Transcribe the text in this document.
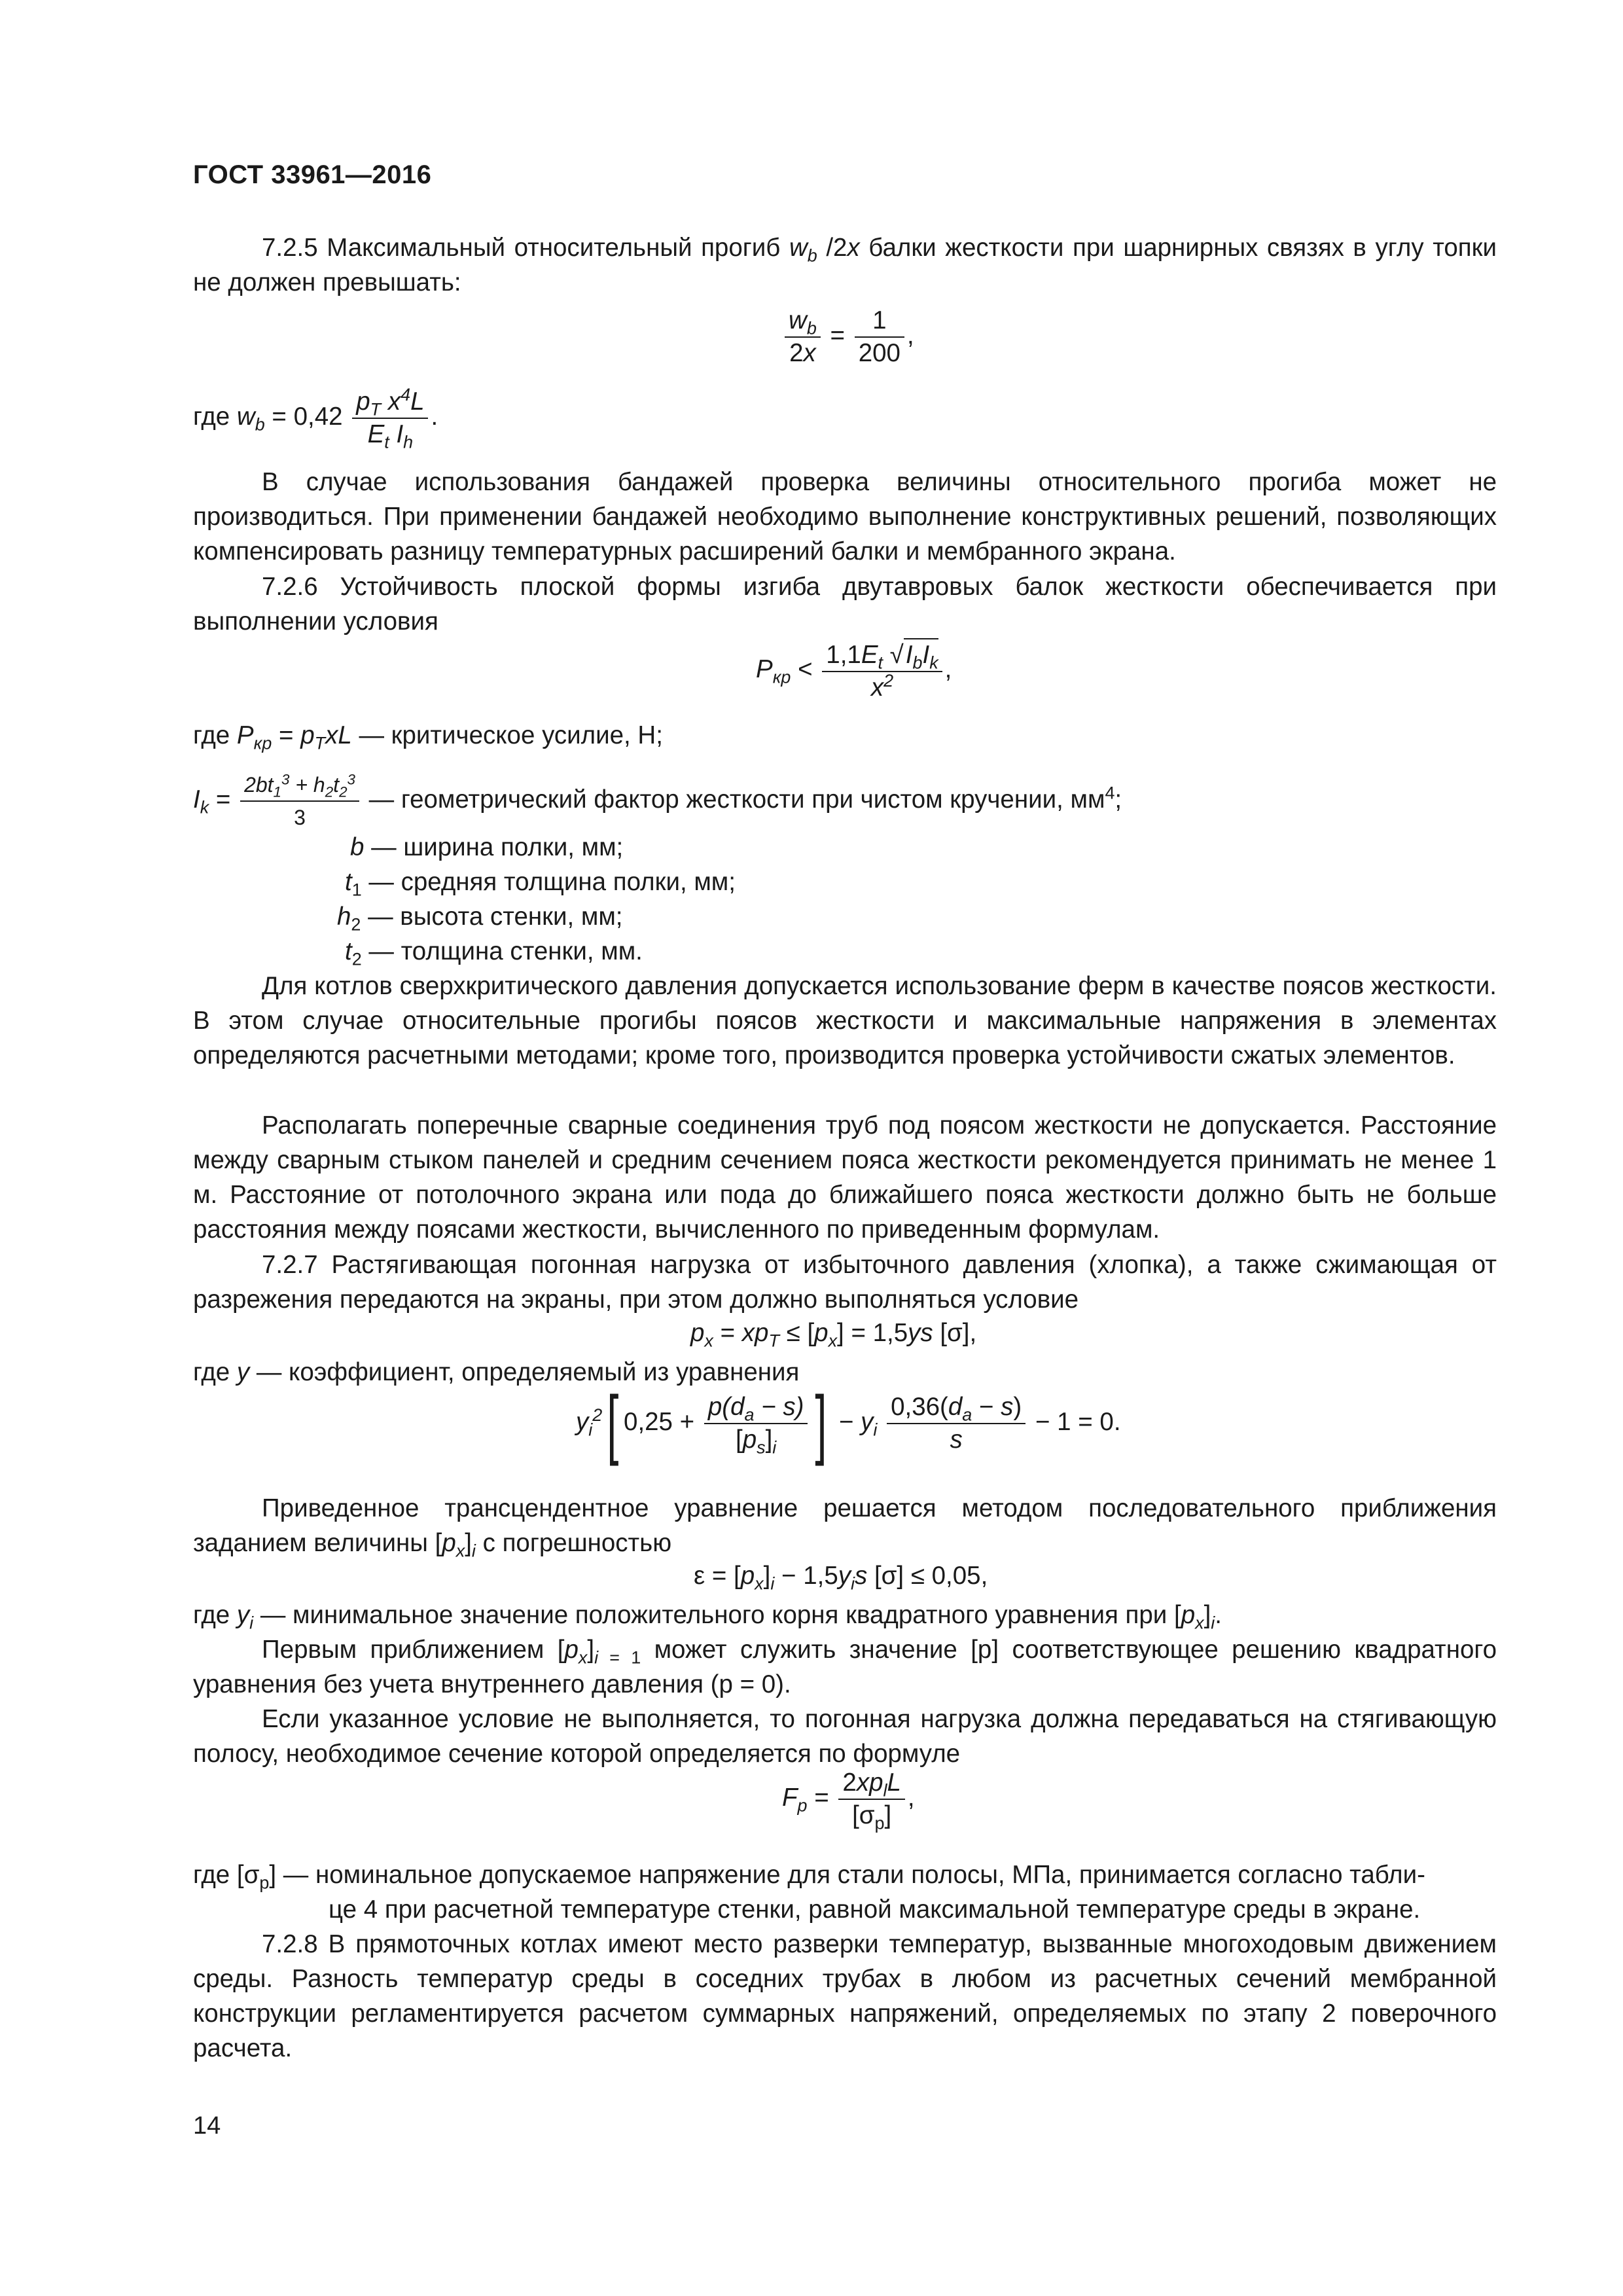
ГОСТ 33961—2016
7.2.5 Максимальный относительный прогиб $w_b$ /2x балки жесткости при шарнирных связях в углу топки не должен превышать:
$\frac{w_b}{2x} = \frac{1}{200}$ ,
где $w_b = 0,42 \frac{p_T x^4L}{E_t I_h}$ .
В случае использования бандажей проверка величины относительного прогиба может не производиться. При применении бандажей необходимо выполнение конструктивных решений, позволяющих компенсировать разницу температурных расширений балки и мембранного экрана.
7.2.6 Устойчивость плоской формы изгиба двутавровых балок жесткости обеспечивается при выполнении условия
$P_{кр} < \frac{1,1E_t √I_bI_k}{x^2}$ ,
где $P_{кр} = p_TxL$ — критическое усилие, Н;
$I_k = \frac{2bt_1^3 + h_2t_2^3}{3}$ — геометрический фактор жесткости при чистом кручении, $мм^4$;
b — ширина полки, мм;
$t_1$ — средняя толщина полки, мм;
$h_2$ — высота стенки, мм;
$t_2$ — толщина стенки, мм.
Для котлов сверхкритического давления допускается использование ферм в качестве поясов жесткости. В этом случае относительные прогибы поясов жесткости и максимальные напряжения в элементах определяются расчетными методами; кроме того, производится проверка устойчивости сжатых элементов.
Располагать поперечные сварные соединения труб под поясом жесткости не допускается. Расстояние между сварным стыком панелей и средним сечением пояса жесткости рекомендуется принимать не менее 1 м. Расстояние от потолочного экрана или пода до ближайшего пояса жесткости должно быть не больше расстояния между поясами жесткости, вычисленного по приведенным формулам.
7.2.7 Растягивающая погонная нагрузка от избыточного давления (хлопка), а также сжимающая от разрежения передаются на экраны, при этом должно выполняться условие
$p_x = xp_T \le [p_x] = 1,5ys$ [σ],
где y — коэффициент, определяемый из уравнения
$y_i^2$[ $0,25 + \frac{p(d_a - s)}{[p_s]_i}$ ] − $y_i \frac{0,36(d_a - s)}{s} - 1 = 0$.
Приведенное трансцендентное уравнение решается методом последовательного приближения заданием величины $[p_x]_i$ с погрешностью
$\varepsilon = [p_x]_i - 1,5y_is$ [σ] ≤ 0,05,
где $y_i$ — минимальное значение положительного корня квадратного уравнения при $[p_x]_i$.
Первым приближением $[p_x]_{i = 1}$ может служить значение [p] соответствующее решению квадратного уравнения без учета внутреннего давления (p = 0).
Если указанное условие не выполняется, то погонная нагрузка должна передаваться на стягивающую полосу, необходимое сечение которой определяется по формуле
$F_p = \frac{2xp_lL}{[\sigma_p]}$ ,
где $[\sigma_p]$ — номинальное допускаемое напряжение для стали полосы, МПа, принимается согласно табли-
це 4 при расчетной температуре стенки, равной максимальной температуре среды в экране.
7.2.8 В прямоточных котлах имеют место разверки температур, вызванные многоходовым движением среды. Разность температур среды в соседних трубах в любом из расчетных сечений мембранной конструкции регламентируется расчетом суммарных напряжений, определяемых по этапу 2 поверочного расчета.
14
